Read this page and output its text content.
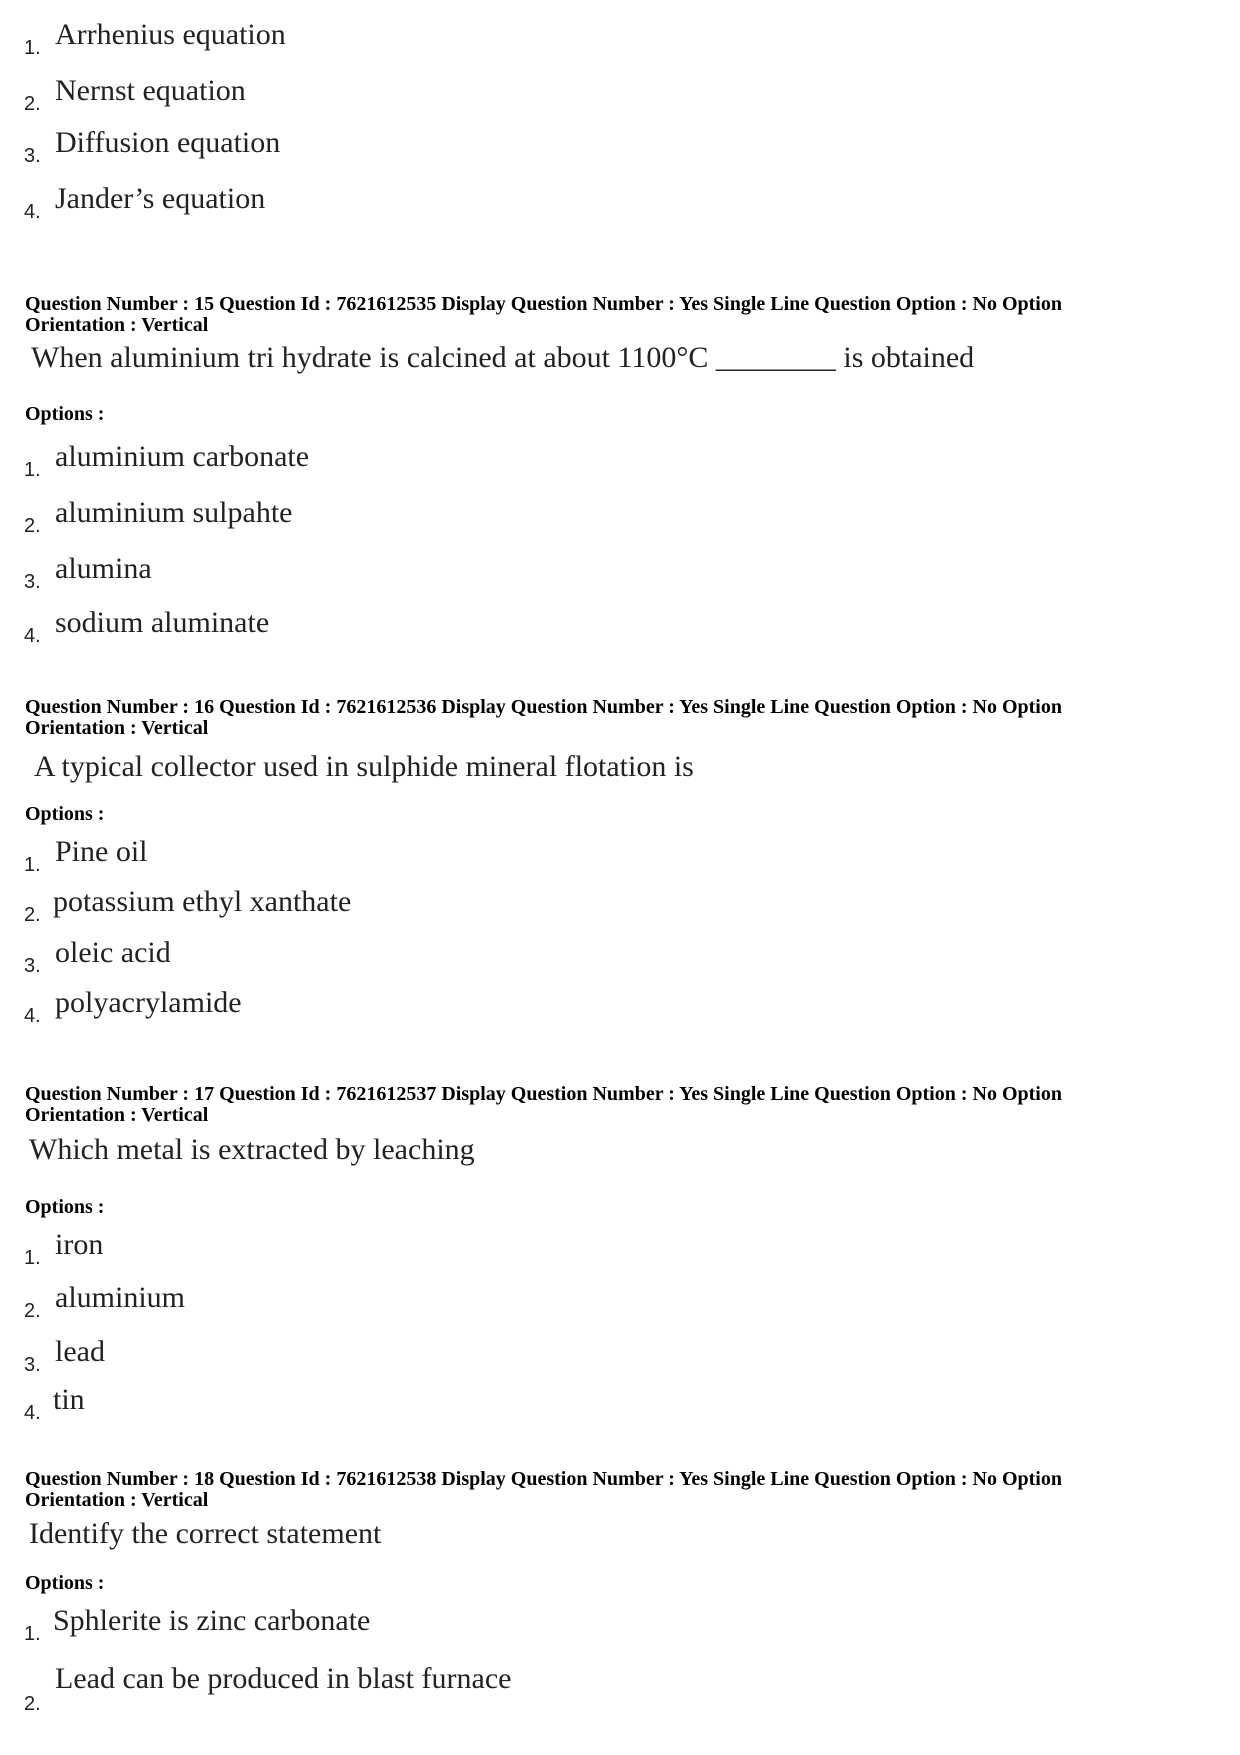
1. Arrhenius equation
2. Nernst equation
3. Diffusion equation
4. Jander’s equation
Question Number : 15 Question Id : 7621612535 Display Question Number : Yes Single Line Question Option : No Option
Orientation : Vertical
When aluminium tri hydrate is calcined at about 1100°C ________ is obtained
Options :
1. aluminium carbonate
2. aluminium sulpahte
3. alumina
4. sodium aluminate
Question Number : 16 Question Id : 7621612536 Display Question Number : Yes Single Line Question Option : No Option
Orientation : Vertical
A typical collector used in sulphide mineral flotation is
Options :
1. Pine oil
2. potassium ethyl xanthate
3. oleic acid
4. polyacrylamide
Question Number : 17 Question Id : 7621612537 Display Question Number : Yes Single Line Question Option : No Option
Orientation : Vertical
Which metal is extracted by leaching
Options :
1. iron
2. aluminium
3. lead
4. tin
Question Number : 18 Question Id : 7621612538 Display Question Number : Yes Single Line Question Option : No Option
Orientation : Vertical
Identify the correct statement
Options :
1. Sphlerite is zinc carbonate
2.
Lead can be produced in blast furnace
